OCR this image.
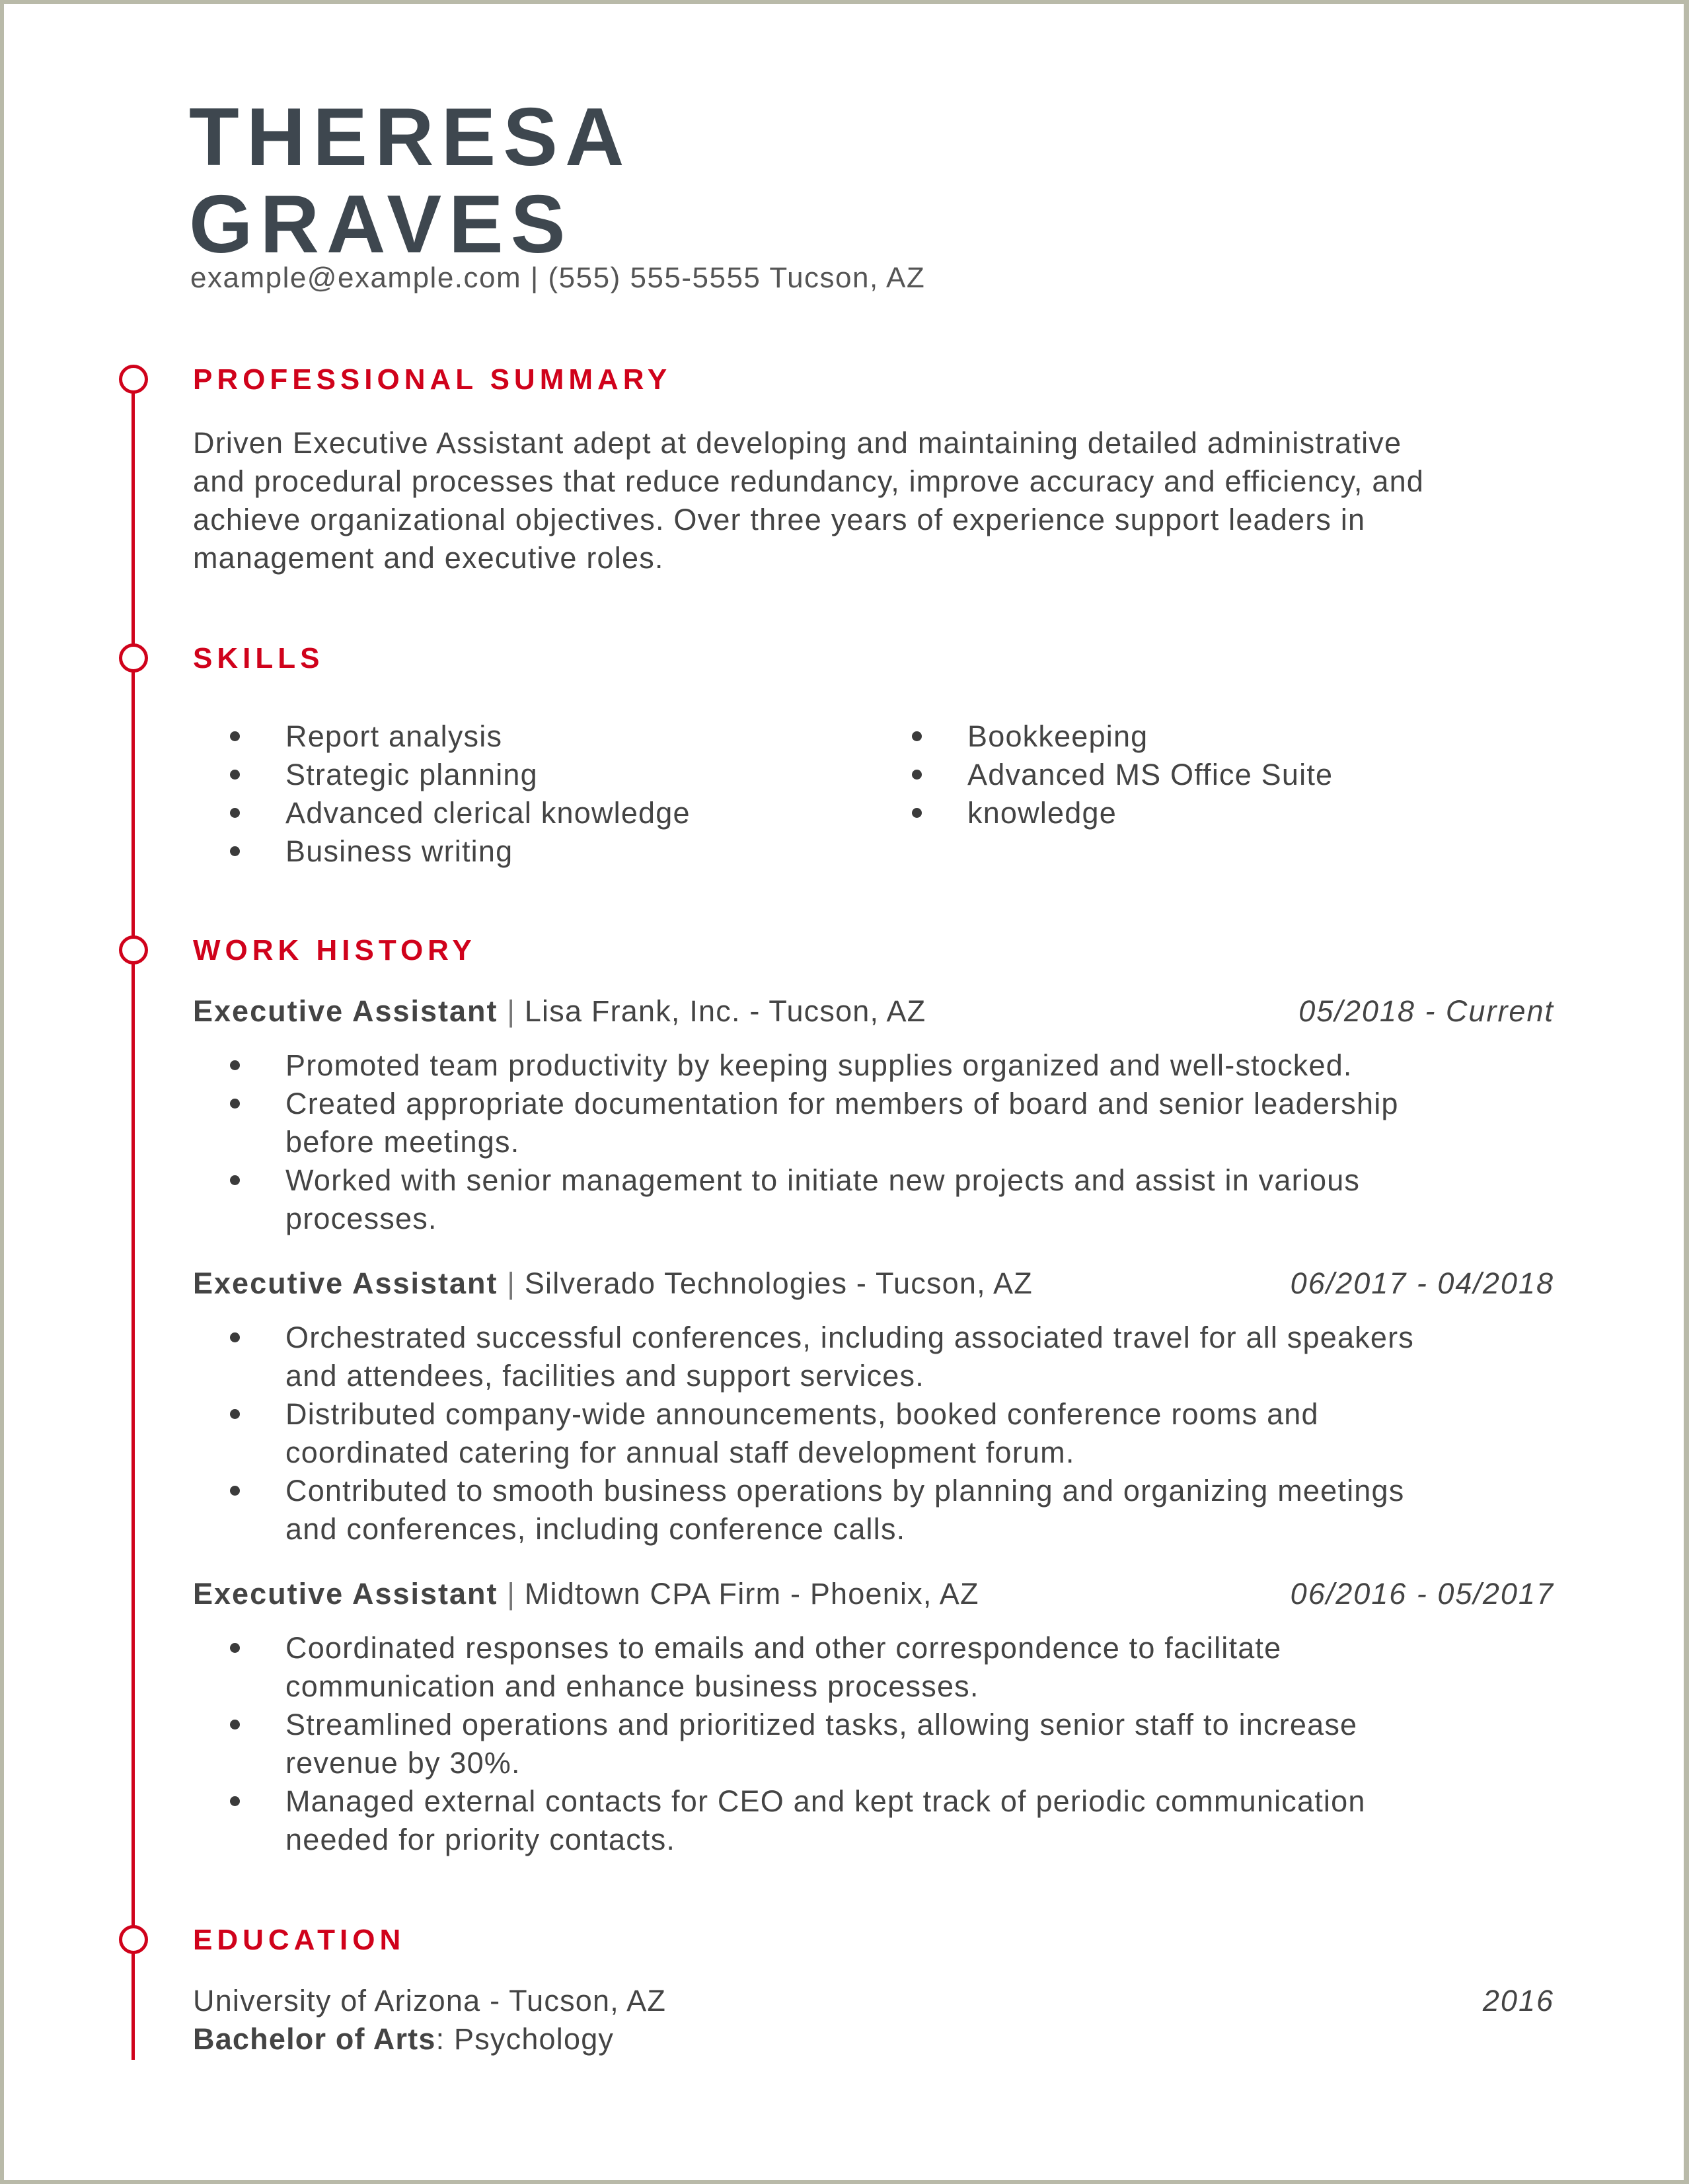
THERESA
GRAVES
example@example.com | (555) 555-5555 Tucson, AZ
PROFESSIONAL SUMMARY
Driven Executive Assistant adept at developing and maintaining detailed administrative
and procedural processes that reduce redundancy, improve accuracy and efficiency, and
achieve organizational objectives. Over three years of experience support leaders in
management and executive roles.
SKILLS
Report analysis
Strategic planning
Advanced clerical knowledge
Business writing
Bookkeeping
Advanced MS Office Suite
knowledge
WORK HISTORY
Executive Assistant | Lisa Frank, Inc. - Tucson, AZ	05/2018 - Current
Promoted team productivity by keeping supplies organized and well-stocked.
Created appropriate documentation for members of board and senior leadership
before meetings.
Worked with senior management to initiate new projects and assist in various
processes.
Executive Assistant | Silverado Technologies - Tucson, AZ	06/2017 - 04/2018
Orchestrated successful conferences, including associated travel for all speakers
and attendees, facilities and support services.
Distributed company-wide announcements, booked conference rooms and
coordinated catering for annual staff development forum.
Contributed to smooth business operations by planning and organizing meetings
and conferences, including conference calls.
Executive Assistant | Midtown CPA Firm - Phoenix, AZ	06/2016 - 05/2017
Coordinated responses to emails and other correspondence to facilitate
communication and enhance business processes.
Streamlined operations and prioritized tasks, allowing senior staff to increase
revenue by 30%.
Managed external contacts for CEO and kept track of periodic communication
needed for priority contacts.
EDUCATION
University of Arizona - Tucson, AZ	2016
Bachelor of Arts: Psychology
